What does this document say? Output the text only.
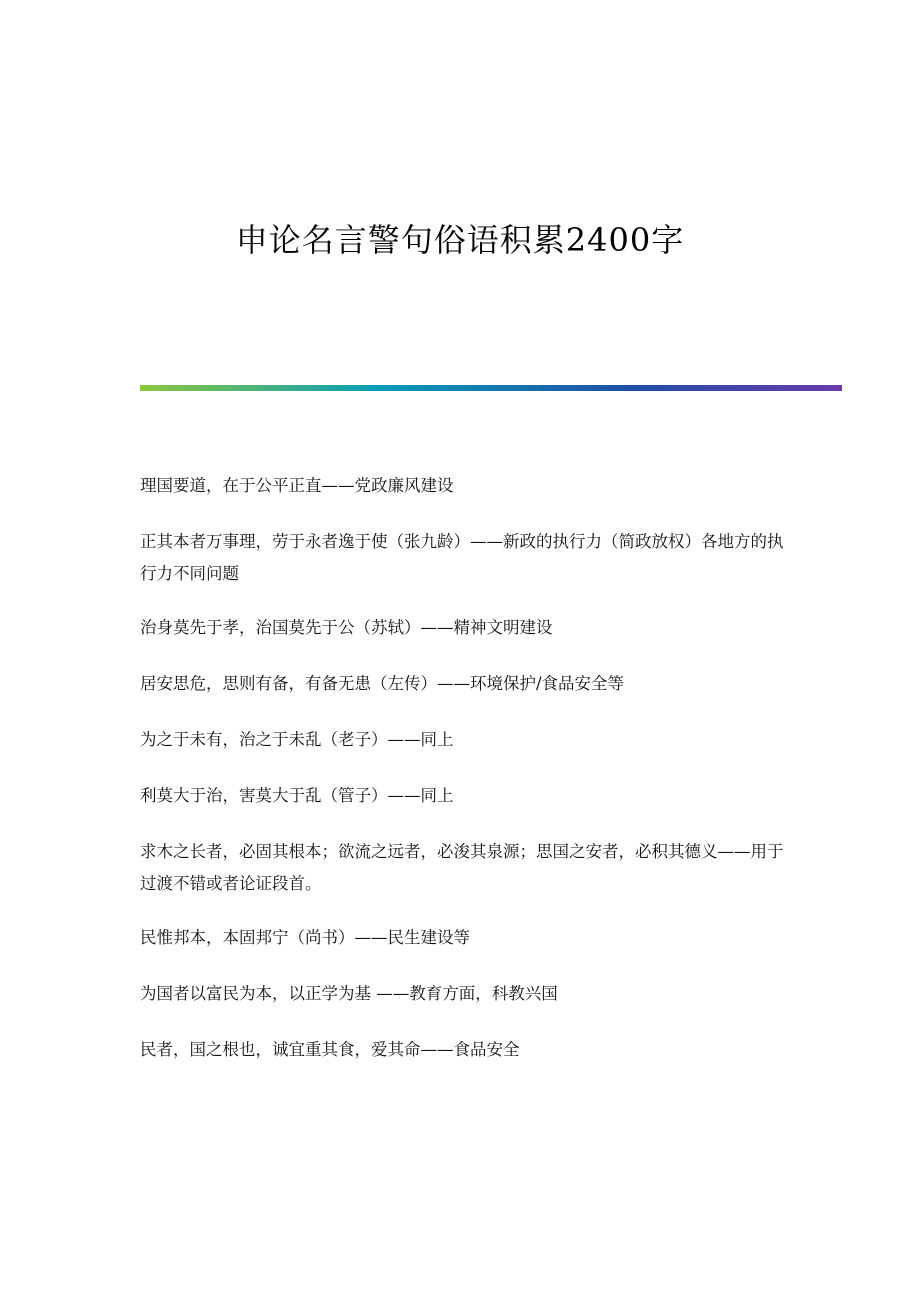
申论名言警句俗语积累2400字

理国要道，在于公平正直——党政廉风建设

正其本者万事理，劳于永者逸于使（张九龄）——新政的执行力（简政放权）各地方的执行力不同问题

治身莫先于孝，治国莫先于公（苏轼）——精神文明建设

居安思危，思则有备，有备无患（左传）——环境保护/食品安全等

为之于未有，治之于未乱（老子）——同上

利莫大于治，害莫大于乱（管子）——同上

求木之长者，必固其根本；欲流之远者，必浚其泉源；思国之安者，必积其德义——用于过渡不错或者论证段首。

民惟邦本，本固邦宁（尚书）——民生建设等

为国者以富民为本，以正学为基 ——教育方面，科教兴国

民者，国之根也，诚宜重其食，爱其命——食品安全
